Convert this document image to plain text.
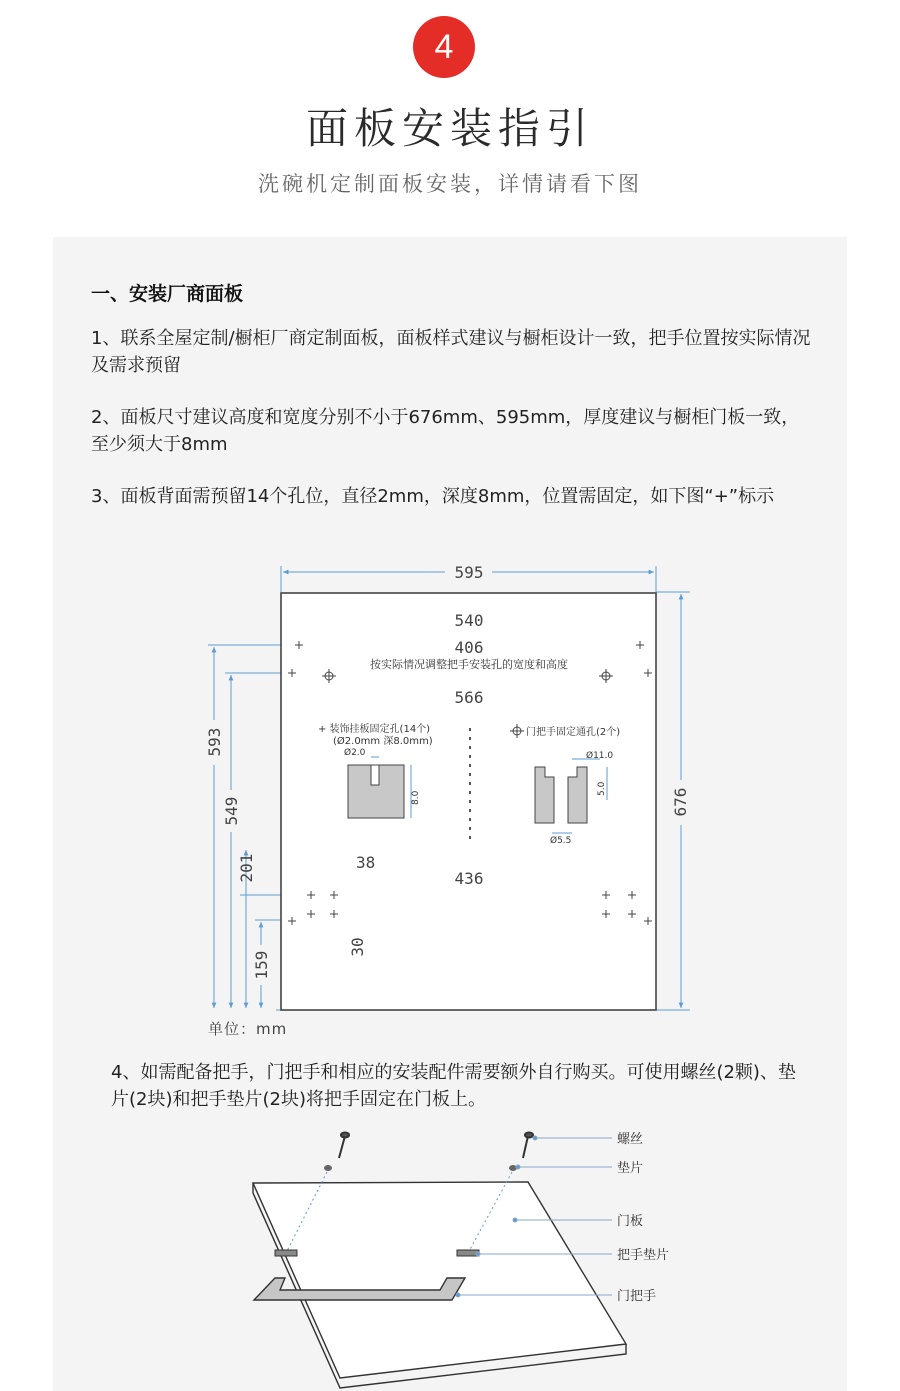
4
面板安装指引
洗碗机定制面板安装，详情请看下图
一、安装厂商面板
1、联系全屋定制/橱柜厂商定制面板，面板样式建议与橱柜设计一致，把手位置按实际情况及需求预留
2、面板尺寸建议高度和宽度分别不小于676mm、595mm，厚度建议与橱柜门板一致，至少须大于8mm
3、面板背面需预留14个孔位，直径2mm，深度8mm，位置需固定，如下图“+”标示
595
540
406
566
436
38
676
593
549
201
159
30
按实际情况调整把手安装孔的宽度和高度
+ 装饰挂板固定孔(14个)
(Ø2.0mm 深8.0mm)
Ø2.0
8.0
门把手固定通孔(2个)
Ø11.0
5.0
Ø5.5
单位：mm
4、如需配备把手，门把手和相应的安装配件需要额外自行购买。可使用螺丝(2颗)、垫片(2块)和把手垫片(2块)将把手固定在门板上。
螺丝
垫片
门板
把手垫片
门把手
